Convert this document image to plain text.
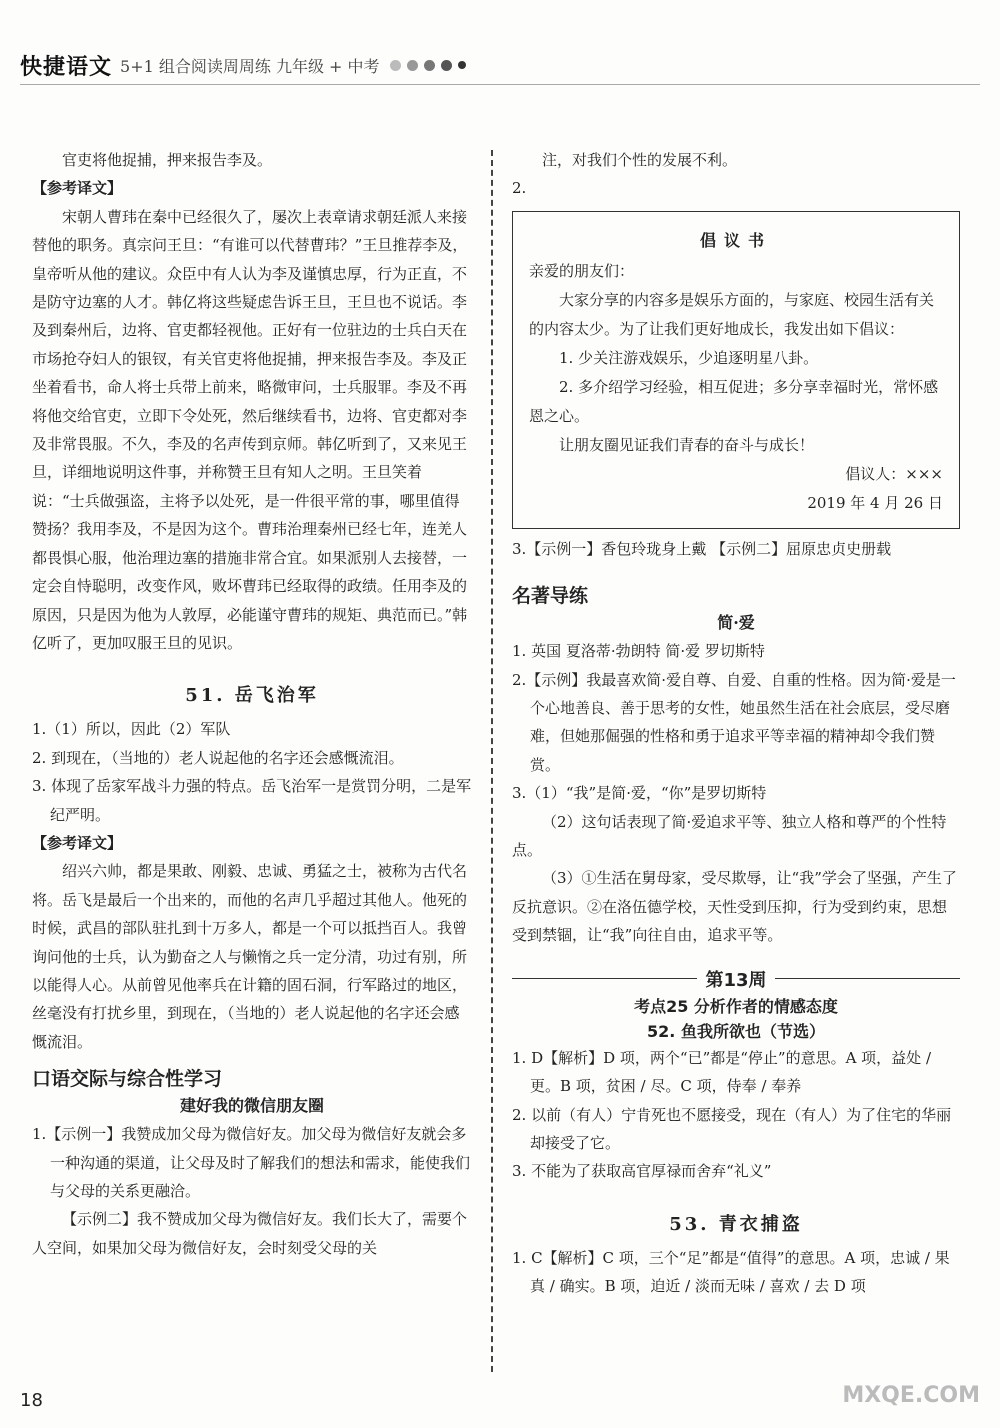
快捷语文 5+1 组合阅读周周练 九年级 + 中考

官吏将他捉捕，押来报告李及。

【参考译文】

宋朝人曹玮在秦中已经很久了，屡次上表章请求朝廷派人来接替他的职务。真宗问王旦：“有谁可以代替曹玮？”王旦推荐李及，皇帝听从他的建议。众臣中有人认为李及谨慎忠厚，行为正直，不是防守边塞的人才。韩亿将这些疑虑告诉王旦，王旦也不说话。李及到秦州后，边将、官吏都轻视他。正好有一位驻边的士兵白天在市场抢夺妇人的银钗，有关官吏将他捉捕，押来报告李及。李及正坐着看书，命人将士兵带上前来，略微审问，士兵服罪。李及不再将他交给官吏，立即下令处死，然后继续看书，边将、官吏都对李及非常畏服。不久，李及的名声传到京师。韩亿听到了，又来见王旦，详细地说明这件事，并称赞王旦有知人之明。王旦笑着说：“士兵做强盗，主将予以处死，是一件很平常的事，哪里值得赞扬？我用李及，不是因为这个。曹玮治理秦州已经七年，连羌人都畏惧心服，他治理边塞的措施非常合宜。如果派别人去接替，一定会自恃聪明，改变作风，败坏曹玮已经取得的政绩。任用李及的原因，只是因为他为人敦厚，必能谨守曹玮的规矩、典范而已。”韩亿听了，更加叹服王旦的见识。

51. 岳飞治军

1.（1）所以，因此（2）军队

2. 到现在，（当地的）老人说起他的名字还会感慨流泪。

3. 体现了岳家军战斗力强的特点。岳飞治军一是赏罚分明，二是军纪严明。

【参考译文】

绍兴六帅，都是果敢、刚毅、忠诚、勇猛之士，被称为古代名将。岳飞是最后一个出来的，而他的名声几乎超过其他人。他死的时候，武昌的部队驻扎到十万多人，都是一个可以抵挡百人。我曾询问他的士兵，认为勤奋之人与懒惰之兵一定分清，功过有别，所以能得人心。从前曾见他率兵在计籍的固石洞，行军路过的地区，丝毫没有打扰乡里，到现在，（当地的）老人说起他的名字还会感慨流泪。

口语交际与综合性学习
建好我的微信朋友圈

1.【示例一】我赞成加父母为微信好友。加父母为微信好友就会多一种沟通的渠道，让父母及时了解我们的想法和需求，能使我们与父母的关系更融洽。

【示例二】我不赞成加父母为微信好友。我们长大了，需要个人空间，如果加父母为微信好友，会时刻受父母的关

注，对我们个性的发展不利。

2.

倡议书

亲爱的朋友们：

大家分享的内容多是娱乐方面的，与家庭、校园生活有关的内容太少。为了让我们更好地成长，我发出如下倡议：

1. 少关注游戏娱乐，少追逐明星八卦。

2. 多介绍学习经验，相互促进；多分享幸福时光，常怀感恩之心。

让朋友圈见证我们青春的奋斗与成长！

倡议人：×××

2019 年 4 月 26 日

3.【示例一】香包玲珑身上戴 【示例二】屈原忠贞史册载

名著导练
简·爱

1. 英国 夏洛蒂·勃朗特 简·爱 罗切斯特

2.【示例】我最喜欢简·爱自尊、自爱、自重的性格。因为简·爱是一个心地善良、善于思考的女性，她虽然生活在社会底层，受尽磨难，但她那倔强的性格和勇于追求平等幸福的精神却令我们赞赏。

3.（1）“我”是简·爱，“你”是罗切斯特

（2）这句话表现了简·爱追求平等、独立人格和尊严的个性特点。

（3）①生活在舅母家，受尽欺辱，让“我”学会了坚强，产生了反抗意识。②在洛伍德学校，天性受到压抑，行为受到约束，思想受到禁锢，让“我”向往自由，追求平等。

第13周
考点25 分析作者的情感态度
52. 鱼我所欲也（节选）

1. D【解析】D 项，两个“已”都是“停止”的意思。A 项，益处 / 更。B 项，贫困 / 尽。C 项，侍奉 / 奉养

2. 以前（有人）宁肯死也不愿接受，现在（有人）为了住宅的华丽却接受了它。

3. 不能为了获取高官厚禄而舍弃“礼义”

53. 青衣捕盗

1. C【解析】C 项，三个“足”都是“值得”的意思。A 项，忠诚 / 果真 / 确实。B 项，迫近 / 淡而无味 / 喜欢 / 去 D 项

18	MXQE.COM
